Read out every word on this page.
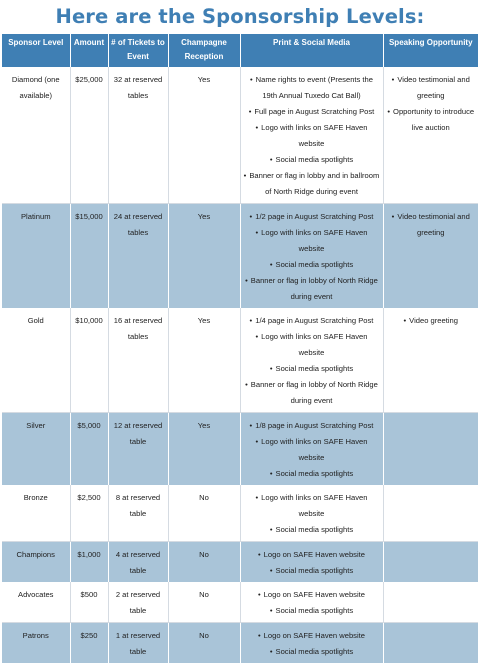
Here are the Sponsorship Levels:
Sponsor Level	Amount	# of Tickets to Event	Champagne Reception	Print & Social Media	Speaking Opportunity
Diamond (one available)	$25,000	32 at reserved tables	Yes	• Name rights to event (Presents the 19th Annual Tuxedo Cat Ball)
• Full page in August Scratching Post
• Logo with links on SAFE Haven website
• Social media spotlights
• Banner or flag in lobby and in ballroom of North Ridge during event	• Video testimonial and greeting
• Opportunity to introduce live auction

Platinum	$15,000	24 at reserved tables	Yes	• 1/2 page in August Scratching Post
• Logo with links on SAFE Haven website
• Social media spotlights
• Banner or flag in lobby of North Ridge during event	• Video testimonial and greeting

Gold	$10,000	16 at reserved tables	Yes	• 1/4 page in August Scratching Post
• Logo with links on SAFE Haven website
• Social media spotlights
• Banner or flag in lobby of North Ridge during event	• Video greeting

Silver	$5,000	12 at reserved table	Yes	• 1/8 page in August Scratching Post
• Logo with links on SAFE Haven website
• Social media spotlights

Bronze	$2,500	8 at reserved table	No	• Logo with links on SAFE Haven website
• Social media spotlights

Champions	$1,000	4 at reserved table	No	• Logo on SAFE Haven website
• Social media spotlights

Advocates	$500	2 at reserved table	No	• Logo on SAFE Haven website
• Social media spotlights

Patrons	$250	1 at reserved table	No	• Logo on SAFE Haven website
• Social media spotlights
